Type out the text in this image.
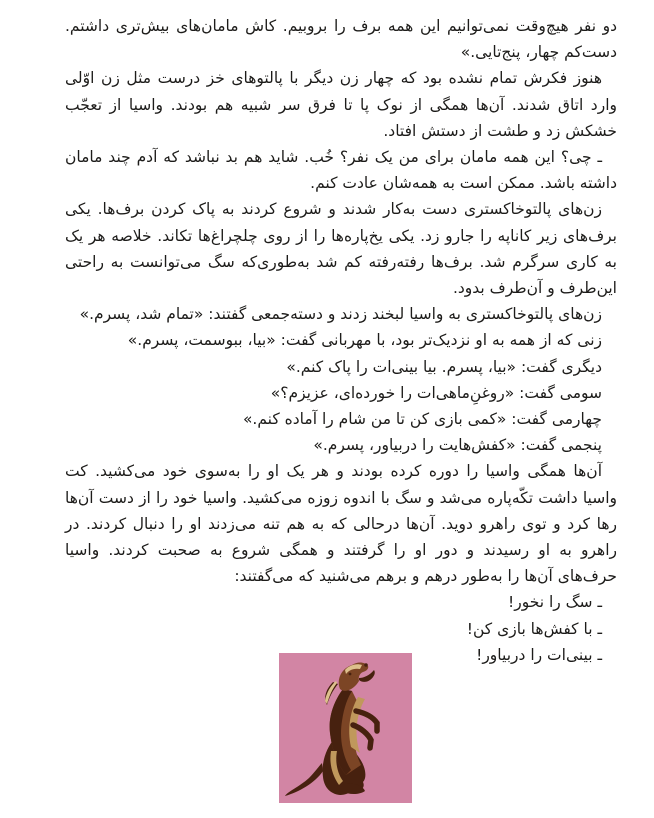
دو نفر هیچ‌وقت نمی‌توانیم این همه برف را بروبیم. کاش مامان‌های بیش‌تری داشتم. دست‌کم چهار، پنج‌تایی.»

هنوز فکرش تمام نشده بود که چهار زن دیگر با پالتوهای خز درست مثل زن اوّلی وارد اتاق شدند. آن‌ها همگی از نوک پا تا فرق سر شبیه هم بودند. واسیا از تعجّب خشکش زد و طشت از دستش افتاد.

ـ چی؟ این همه مامان برای من یک نفر؟ خُب. شاید هم بد نباشد که آدم چند مامان داشته باشد. ممکن است به همه‌شان عادت کنم.

زن‌های پالتوخاکستری دست به‌کار شدند و شروع کردند به پاک کردن برف‌ها. یکی برف‌های زیر کاناپه را جارو زد. یکی یخ‌پاره‌ها را از روی چلچراغ‌ها تکاند. خلاصه هر یک به کاری سرگرم شد. برف‌ها رفته‌رفته کم شد به‌طوری‌که سگ می‌توانست به راحتی این‌طرف و آن‌طرف بدود.

زن‌های پالتوخاکستری به واسیا لبخند زدند و دسته‌جمعی گفتند: «تمام شد، پسرم.»

زنی که از همه به او نزدیک‌تر بود، با مهربانی گفت: «بیا، ببوسمت، پسرم.»

دیگری گفت: «بیا، پسرم. بیا بینی‌ات را پاک کنم.»

سومی گفت: «روغنِ‌ماهی‌ات را خورده‌ای، عزیزم؟»

چهارمی گفت: «کمی بازی کن تا من شام را آماده کنم.»

پنجمی گفت: «کفش‌هایت را دربیاور، پسرم.»

آن‌ها همگی واسیا را دوره کرده بودند و هر یک او را به‌سوی خود می‌کشید. کت واسیا داشت تکّه‌پاره می‌شد و سگ با اندوه زوزه می‌کشید. واسیا خود را از دست آن‌ها رها کرد و توی راهرو دوید. آن‌ها درحالی که به هم تنه می‌زدند او را دنبال کردند. در راهرو به او رسیدند و دور او را گرفتند و همگی شروع به صحبت کردند. واسیا حرف‌های آن‌ها را به‌طور درهم و برهم می‌شنید که می‌گفتند:

ـ سگ را نخور!

ـ با کفش‌ها بازی کن!

ـ بینی‌ات را دربیاور!
